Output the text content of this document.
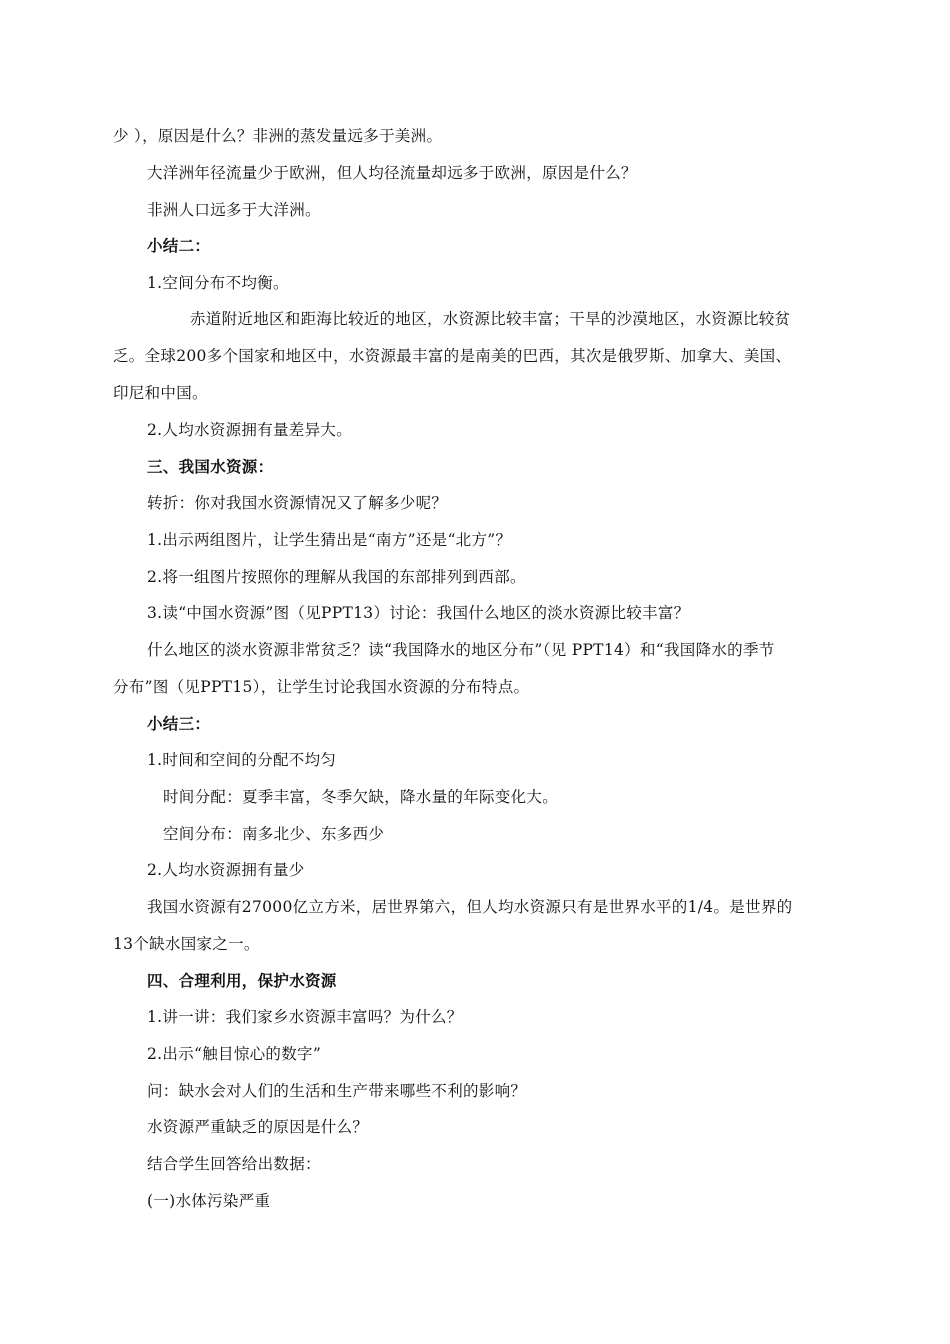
少 ），原因是什么？非洲的蒸发量远多于美洲。
大洋洲年径流量少于欧洲，但人均径流量却远多于欧洲，原因是什么？
非洲人口远多于大洋洲。
小结二：
1.空间分布不均衡。
赤道附近地区和距海比较近的地区，水资源比较丰富；干旱的沙漠地区，水资源比较贫
乏。全球200多个国家和地区中，水资源最丰富的是南美的巴西，其次是俄罗斯、加拿大、美国、
印尼和中国。
2.人均水资源拥有量差异大。
三、我国水资源：
转折：你对我国水资源情况又了解多少呢？
1.出示两组图片，让学生猜出是“南方”还是“北方”？
2.将一组图片按照你的理解从我国的东部排列到西部。
3.读“中国水资源”图（见PPT13）讨论：我国什么地区的淡水资源比较丰富？
什么地区的淡水资源非常贫乏？读“我国降水的地区分布”（见 PPT14）和“我国降水的季节
分布”图（见PPT15），让学生讨论我国水资源的分布特点。
小结三：
1.时间和空间的分配不均匀
时间分配：夏季丰富，冬季欠缺，降水量的年际变化大。
空间分布：南多北少、东多西少
2.人均水资源拥有量少
我国水资源有27000亿立方米，居世界第六，但人均水资源只有是世界水平的1/4。是世界的
13个缺水国家之一。
四、合理利用，保护水资源
1.讲一讲：我们家乡水资源丰富吗？为什么？
2.出示“触目惊心的数字”
问：缺水会对人们的生活和生产带来哪些不利的影响？
水资源严重缺乏的原因是什么？
结合学生回答给出数据：
(一)水体污染严重
